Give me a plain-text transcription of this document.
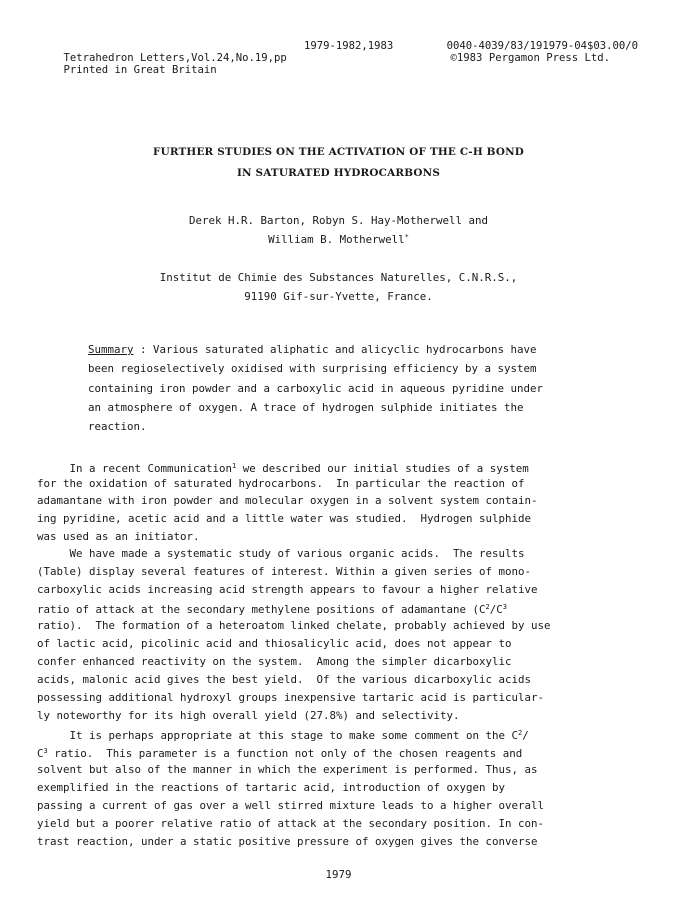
Tetrahedron Letters,Vol.24,No.19,pp

1979-1982,1983

	0040-4039/83/191979-04$03.00/0

Printed in Great Britain

©1983 Pergamon Press Ltd.

FURTHER STUDIES ON THE ACTIVATION OF THE C-H BOND
IN SATURATED HYDROCARBONS
Derek H.R. Barton, Robyn S. Hay-Motherwell and
William B. Motherwell*
Institut de Chimie des Substances Naturelles, C.N.R.S.,
91190 Gif-sur-Yvette, France.
Summary : Various saturated aliphatic and alicyclic hydrocarbons have
been regioselectively oxidised with surprising efficiency by a system
containing iron powder and a carboxylic acid in aqueous pyridine under
an atmosphere of oxygen. A trace of hydrogen sulphide initiates the
reaction.
In a recent Communication$^1$ we described our initial studies of a system
for the oxidation of saturated hydrocarbons.  In particular the reaction of
adamantane with iron powder and molecular oxygen in a solvent system contain-
ing pyridine, acetic acid and a little water was studied.  Hydrogen sulphide
was used as an initiator.
We have made a systematic study of various organic acids.  The results
(Table) display several features of interest. Within a given series of mono-
carboxylic acids increasing acid strength appears to favour a higher relative
ratio of attack at the secondary methylene positions of adamantane ($C^2/C^3$
ratio).  The formation of a heteroatom linked chelate, probably achieved by use
of lactic acid, picolinic acid and thiosalicylic acid, does not appear to
confer enhanced reactivity on the system.  Among the simpler dicarboxylic
acids, malonic acid gives the best yield.  Of the various dicarboxylic acids
possessing additional hydroxyl groups inexpensive tartaric acid is particular-
ly noteworthy for its high overall yield (27.8%) and selectivity.
It is perhaps appropriate at this stage to make some comment on the $C^2/$
$C^3$ ratio.  This parameter is a function not only of the chosen reagents and
solvent but also of the manner in which the experiment is performed. Thus, as
exemplified in the reactions of tartaric acid, introduction of oxygen by
passing a current of gas over a well stirred mixture leads to a higher overall
yield but a poorer relative ratio of attack at the secondary position. In con-
trast reaction, under a static positive pressure of oxygen gives the converse
1979
